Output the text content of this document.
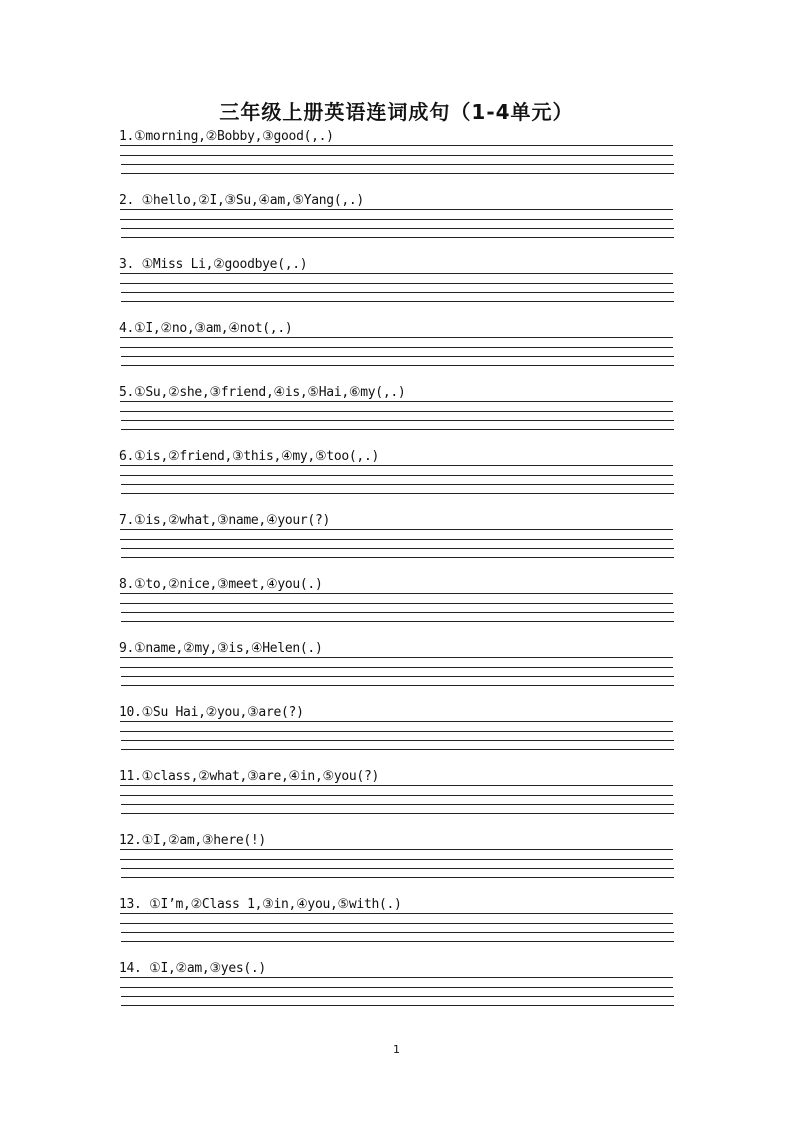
三年级上册英语连词成句（1-4单元）
1.①morning,②Bobby,③good(,.)
2. ①hello,②I,③Su,④am,⑤Yang(,.)
3. ①Miss Li,②goodbye(,.)
4.①I,②no,③am,④not(,.)
5.①Su,②she,③friend,④is,⑤Hai,⑥my(,.)
6.①is,②friend,③this,④my,⑤too(,.)
7.①is,②what,③name,④your(?)
8.①to,②nice,③meet,④you(.)
9.①name,②my,③is,④Helen(.)
10.①Su Hai,②you,③are(?)
11.①class,②what,③are,④in,⑤you(?)
12.①I,②am,③here(!)
13. ①I’m,②Class 1,③in,④you,⑤with(.)
14. ①I,②am,③yes(.)
1
